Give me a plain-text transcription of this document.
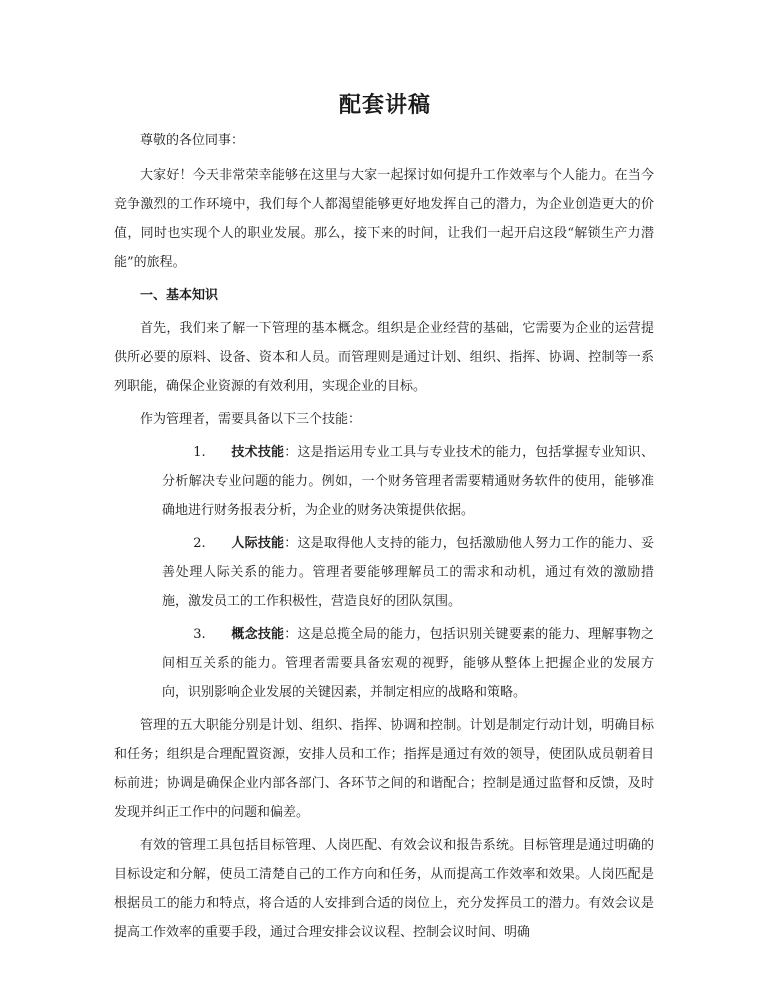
配套讲稿

尊敬的各位同事：

大家好！今天非常荣幸能够在这里与大家一起探讨如何提升工作效率与个人能力。在当今竞争激烈的工作环境中，我们每个人都渴望能够更好地发挥自己的潜力，为企业创造更大的价值，同时也实现个人的职业发展。那么，接下来的时间，让我们一起开启这段“解锁生产力潜能”的旅程。

一、基本知识

首先，我们来了解一下管理的基本概念。组织是企业经营的基础，它需要为企业的运营提供所必要的原料、设备、资本和人员。而管理则是通过计划、组织、指挥、协调、控制等一系列职能，确保企业资源的有效利用，实现企业的目标。

作为管理者，需要具备以下三个技能：

1. 技术技能：这是指运用专业工具与专业技术的能力，包括掌握专业知识、分析解决专业问题的能力。例如，一个财务管理者需要精通财务软件的使用，能够准确地进行财务报表分析，为企业的财务决策提供依据。

2. 人际技能：这是取得他人支持的能力，包括激励他人努力工作的能力、妥善处理人际关系的能力。管理者要能够理解员工的需求和动机，通过有效的激励措施，激发员工的工作积极性，营造良好的团队氛围。

3. 概念技能：这是总揽全局的能力，包括识别关键要素的能力、理解事物之间相互关系的能力。管理者需要具备宏观的视野，能够从整体上把握企业的发展方向，识别影响企业发展的关键因素，并制定相应的战略和策略。

管理的五大职能分别是计划、组织、指挥、协调和控制。计划是制定行动计划，明确目标和任务；组织是合理配置资源，安排人员和工作；指挥是通过有效的领导，使团队成员朝着目标前进；协调是确保企业内部各部门、各环节之间的和谐配合；控制是通过监督和反馈，及时发现并纠正工作中的问题和偏差。

有效的管理工具包括目标管理、人岗匹配、有效会议和报告系统。目标管理是通过明确的目标设定和分解，使员工清楚自己的工作方向和任务，从而提高工作效率和效果。人岗匹配是根据员工的能力和特点，将合适的人安排到合适的岗位上，充分发挥员工的潜力。有效会议是提高工作效率的重要手段，通过合理安排会议议程、控制会议时间、明确
